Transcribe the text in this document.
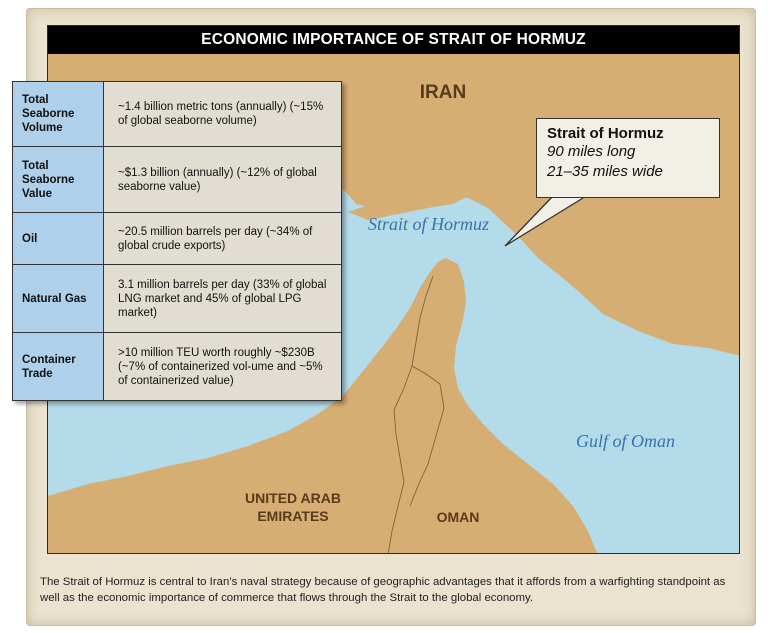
ECONOMIC IMPORTANCE OF STRAIT OF HORMUZ
IRAN
Strait of Hormuz
Gulf of Oman
UNITED ARAB
EMIRATES	OMAN
Total Seaborne Volume	~1.4 billion metric tons (annually) (~15% of global seaborne volume)
Total Seaborne Value	~$1.3 billion (annually) (~12% of global seaborne value)
Oil	~20.5 million barrels per day (~34% of global crude exports)
Natural Gas	3.1 million barrels per day (33% of global LNG market and 45% of global LPG market)
Container Trade	>10 million TEU worth roughly ~$230B (~7% of containerized vol-ume and ~5% of containerized value)
Strait of Hormuz
90 miles long
21–35 miles wide
The Strait of Hormuz is central to Iran’s naval strategy because of geographic advantages that it affords from a warfighting standpoint as well as the economic importance of commerce that flows through the Strait to the global economy.
